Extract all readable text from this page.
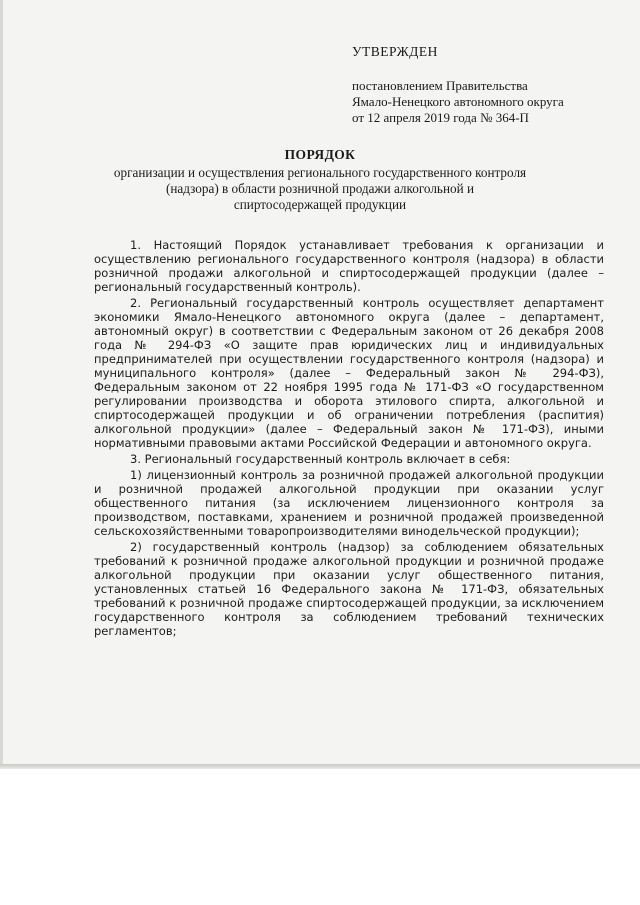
УТВЕРЖДЕН
постановлением Правительства
Ямало-Ненецкого автономного округа
от 12 апреля 2019 года № 364-П
ПОРЯДОК
организации и осуществления регионального государственного контроля
(надзора) в области розничной продажи алкогольной и
спиртосодержащей продукции

1. Настоящий Порядок устанавливает требования к организации и осуществлению регионального государственного контроля (надзора) в области розничной продажи алкогольной и спиртосодержащей продукции (далее – региональный государственный контроль).

2. Региональный государственный контроль осуществляет департамент экономики Ямало-Ненецкого автономного округа (далее – департамент, автономный округ) в соответствии с Федеральным законом от 26 декабря 2008 года № 294-ФЗ «О защите прав юридических лиц и индивидуальных предпринимателей при осуществлении государственного контроля (надзора) и муниципального контроля» (далее – Федеральный закон № 294-ФЗ), Федеральным законом от 22 ноября 1995 года № 171-ФЗ «О государственном регулировании производства и оборота этилового спирта, алкогольной и спиртосодержащей продукции и об ограничении потребления (распития) алкогольной продукции» (далее – Федеральный закон № 171-ФЗ), иными нормативными правовыми актами Российской Федерации и автономного округа.

3. Региональный государственный контроль включает в себя:

1) лицензионный контроль за розничной продажей алкогольной продукции и розничной продажей алкогольной продукции при оказании услуг общественного питания (за исключением лицензионного контроля за производством, поставками, хранением и розничной продажей произведенной сельскохозяйственными товаропроизводителями винодельческой продукции);

2) государственный контроль (надзор) за соблюдением обязательных требований к розничной продаже алкогольной продукции и розничной продаже алкогольной продукции при оказании услуг общественного питания, установленных статьей 16 Федерального закона № 171-ФЗ, обязательных требований к розничной продаже спиртосодержащей продукции, за исключением государственного контроля за соблюдением требований технических регламентов;
